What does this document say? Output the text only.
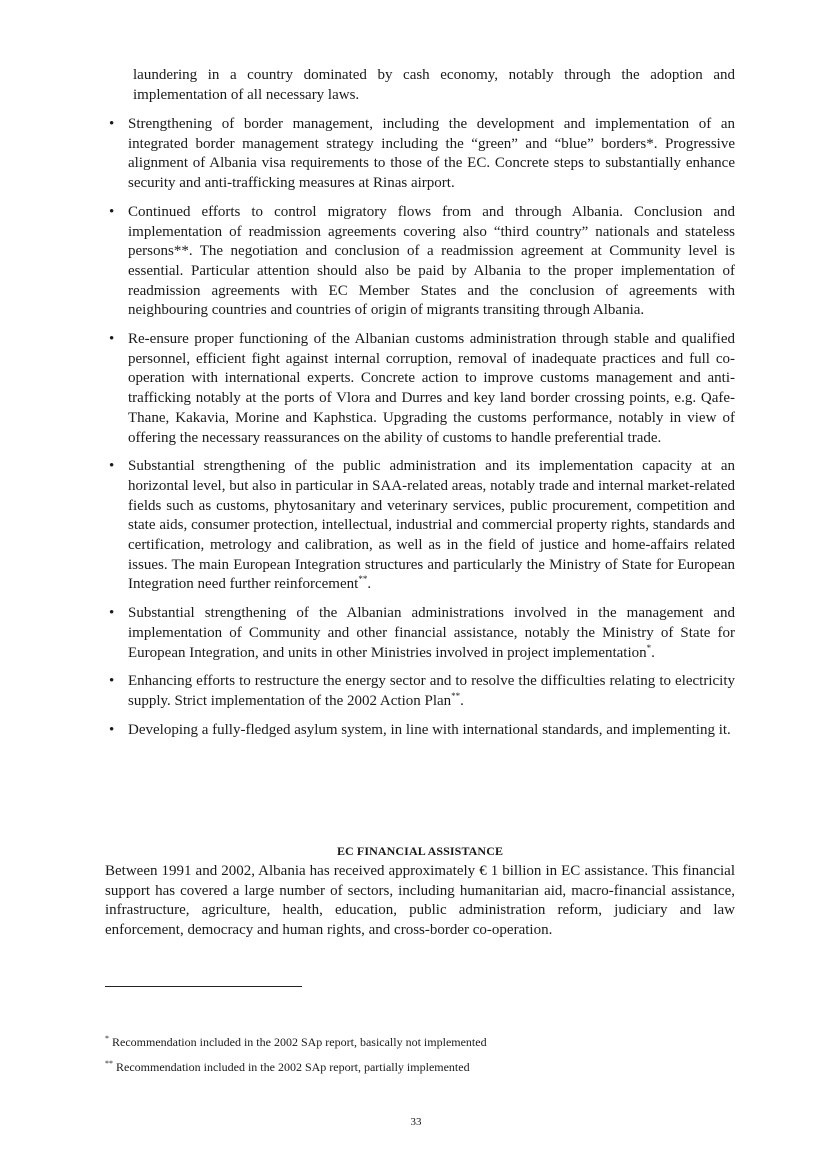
laundering in a country dominated by cash economy, notably through the adoption and implementation of all necessary laws.

• Strengthening of border management, including the development and implementation of an integrated border management strategy including the “green” and “blue” borders*. Progressive alignment of Albania visa requirements to those of the EC. Concrete steps to substantially enhance security and anti-trafficking measures at Rinas airport.
• Continued efforts to control migratory flows from and through Albania. Conclusion and implementation of readmission agreements covering also “third country” nationals and stateless persons**. The negotiation and conclusion of a readmission agreement at Community level is essential. Particular attention should also be paid by Albania to the proper implementation of readmission agreements with EC Member States and the conclusion of agreements with neighbouring countries and countries of origin of migrants transiting through Albania.
• Re-ensure proper functioning of the Albanian customs administration through stable and qualified personnel, efficient fight against internal corruption, removal of inadequate practices and full co-operation with international experts. Concrete action to improve customs management and anti-trafficking notably at the ports of Vlora and Durres and key land border crossing points, e.g. Qafe-Thane, Kakavia, Morine and Kaphstica. Upgrading the customs performance, notably in view of offering the necessary reassurances on the ability of customs to handle preferential trade.
• Substantial strengthening of the public administration and its implementation capacity at an horizontal level, but also in particular in SAA-related areas, notably trade and internal market-related fields such as customs, phytosanitary and veterinary services, public procurement, competition and state aids, consumer protection, intellectual, industrial and commercial property rights, standards and certification, metrology and calibration, as well as in the field of justice and home-affairs related issues. The main European Integration structures and particularly the Ministry of State for European Integration need further reinforcement**.
• Substantial strengthening of the Albanian administrations involved in the management and implementation of Community and other financial assistance, notably the Ministry of State for European Integration, and units in other Ministries involved in project implementation*.
• Enhancing efforts to restructure the energy sector and to resolve the difficulties relating to electricity supply. Strict implementation of the 2002 Action Plan**.
• Developing a fully-fledged asylum system, in line with international standards, and implementing it.

EC FINANCIAL ASSISTANCE

Between 1991 and 2002, Albania has received approximately € 1 billion in EC assistance. This financial support has covered a large number of sectors, including humanitarian aid, macro-financial assistance, infrastructure, agriculture, health, education, public administration reform, judiciary and law enforcement, democracy and human rights, and cross-border co-operation.

* Recommendation included in the 2002 SAp report, basically not implemented

** Recommendation included in the 2002 SAp report, partially implemented

33
